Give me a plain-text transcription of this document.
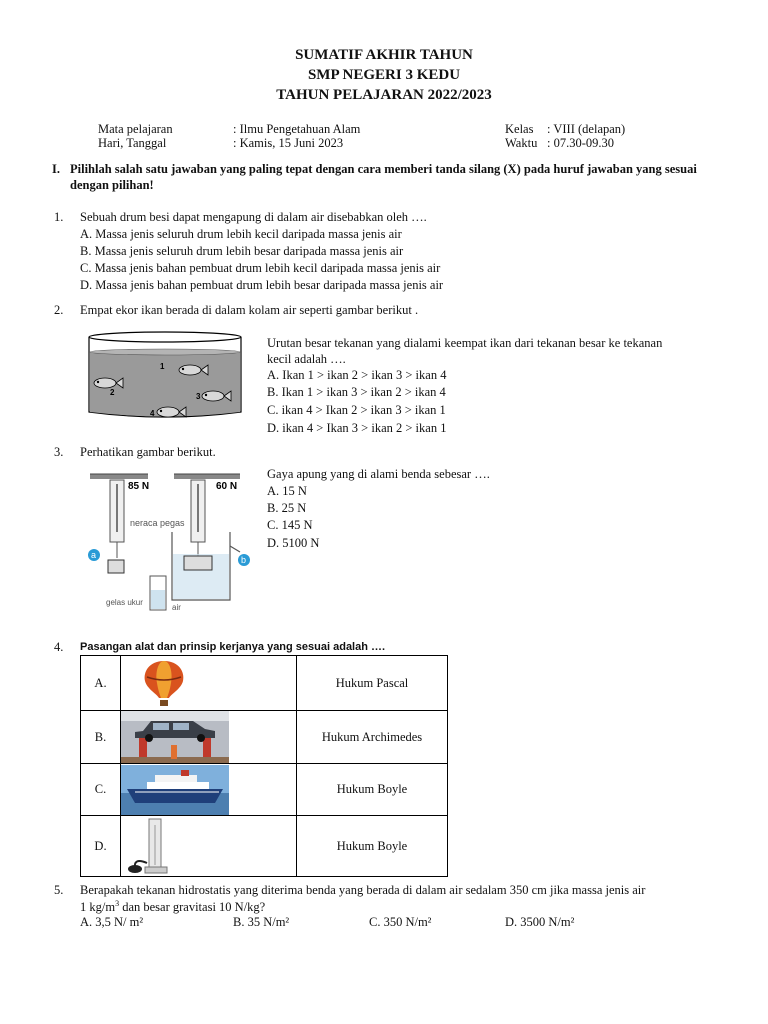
SUMATIF AKHIR TAHUN
SMP NEGERI 3 KEDU
TAHUN PELAJARAN 2022/2023
Mata pelajaran	: Ilmu Pengetahuan Alam
Hari, Tanggal	: Kamis, 15 Juni 2023
Kelas : VIII (delapan)
Waktu : 07.30-09.30
I. Pilihlah salah satu jawaban yang paling tepat dengan cara memberi tanda silang (X) pada huruf jawaban yang sesuai dengan pilihan!
1. Sebuah drum besi dapat mengapung di dalam air disebabkan oleh ….
A. Massa jenis seluruh drum lebih kecil daripada massa jenis air
B. Massa jenis seluruh drum lebih besar daripada massa jenis air
C. Massa jenis bahan pembuat drum lebih kecil daripada massa jenis air
D. Massa jenis bahan pembuat drum lebih besar daripada massa jenis air
2. Empat ekor ikan berada di dalam kolam air seperti gambar berikut .
1
2	3
4
Urutan besar tekanan yang dialami keempat ikan dari tekanan besar ke tekanan
kecil adalah ….
A. Ikan 1 > ikan 2 > ikan 3 > ikan 4
B. Ikan 1 > ikan 3 > ikan 2 > ikan 4
C. ikan 4 > Ikan 2 > ikan 3 > ikan 1
D. ikan 4 > Ikan 3 > ikan 2 > ikan 1
3. Perhatikan gambar berikut.
85 N	60 N
neraca pegas
a	b
gelas ukur
air
Gaya apung yang di alami benda sebesar ….
A. 15 N
B. 25 N
C. 145 N
D. 5100 N
4. Pasangan alat dan prinsip kerjanya yang sesuai adalah ….
A.		Hukum Pascal
B.		Hukum Archimedes
C.		Hukum Boyle
D.		Hukum Boyle
5. Berapakah tekanan hidrostatis yang diterima benda yang berada di dalam air sedalam 350 cm jika massa jenis air
1 $kg/m^3$ dan besar gravitasi 10 N/kg?
A. 3,5 N/ m²	B. 35 N/m²	C. 350 N/m²	D. 3500 N/m²
